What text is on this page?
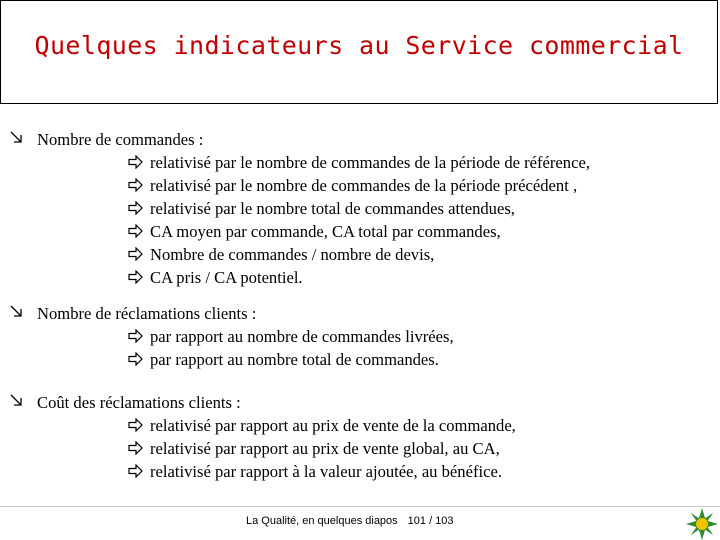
Quelques indicateurs au Service commercial
Nombre de commandes :
relativisé par le nombre de commandes de la période de référence,
relativisé par le nombre de commandes de la période précédent ,
relativisé par le nombre total de commandes attendues,
CA moyen par commande, CA total par commandes,
Nombre de commandes / nombre de devis,
CA pris / CA potentiel.
Nombre de réclamations clients :
par rapport au nombre de commandes livrées,
par rapport au nombre total de commandes.
Coût des réclamations clients :
relativisé par rapport au prix de vente de la commande,
relativisé par rapport au prix de vente global, au CA,
relativisé par rapport à la valeur ajoutée, au bénéfice.
La Qualité, en quelques diapos 101 / 103
